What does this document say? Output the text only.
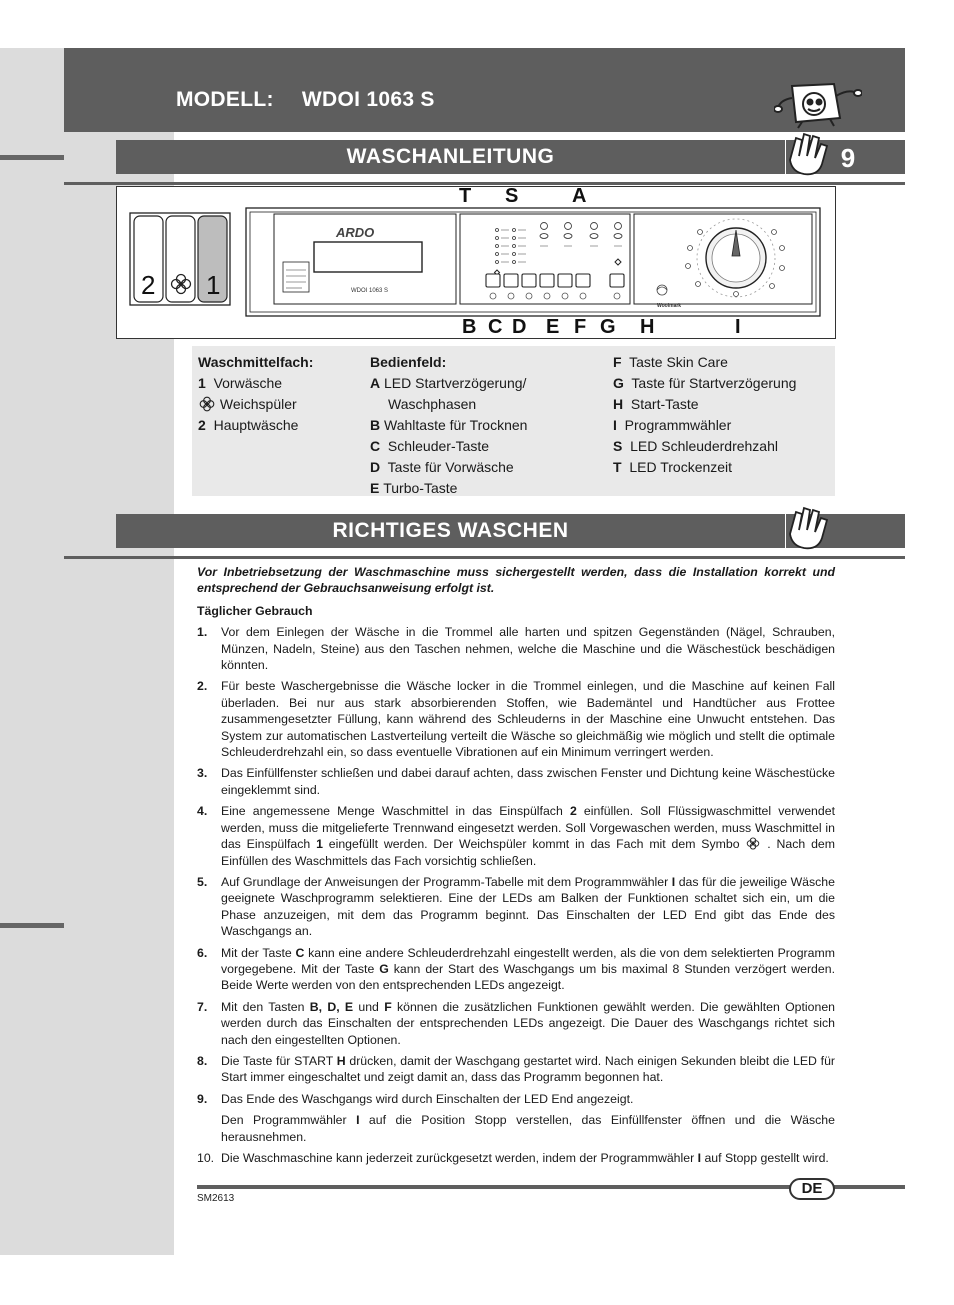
MODELL: WDOI 1063 S
WASCHANLEITUNG	9
ARDO
WDOI 1063 S
2 1
Woolmark
T S	A
B C D E F G H	I
Waschmittelfach:
1 Vorwäsche
Weichspüler
2 Hauptwäsche
Bedienfeld:
A LED Startverzögerung/
Waschphasen
B Wahltaste für Trocknen
C Schleuder-Taste
D Taste für Vorwäsche
E Turbo-Taste
F Taste Skin Care
G Taste für Startverzögerung
H Start-Taste
I Programmwähler
S LED Schleuderdrehzahl
T LED Trockenzeit
RICHTIGES WASCHEN
Vor Inbetriebsetzung der Waschmaschine muss sichergestellt werden, dass die Installation korrekt und entsprechend der Gebrauchsanweisung erfolgt ist.
Täglicher Gebrauch
1.	Vor dem Einlegen der Wäsche in die Trommel alle harten und spitzen Gegenständen (Nägel, Schrauben, Münzen, Nadeln, Steine) aus den Taschen nehmen, welche die Maschine und die Wäschestück beschädigen könnten.
2.	Für beste Waschergebnisse die Wäsche locker in die Trommel einlegen, und die Maschine auf keinen Fall überladen. Bei nur aus stark absorbierenden Stoffen, wie Bademäntel und Handtücher aus Frottee zusammengesetzter Füllung, kann während des Schleuderns in der Maschine eine Unwucht entstehen. Das System zur automatischen Lastverteilung verteilt die Wäsche so gleichmäßig wie möglich und stellt die optimale Schleuderdrehzahl ein, so dass eventuelle Vibrationen auf ein Minimum verringert werden.
3.	Das Einfüllfenster schließen und dabei darauf achten, dass zwischen Fenster und Dichtung keine Wäschestücke eingeklemmt sind.
4.	Eine angemessene Menge Waschmittel in das Einspülfach 2 einfüllen. Soll Flüssigwaschmittel verwendet werden, muss die mitgelieferte Trennwand eingesetzt werden. Soll Vorgewaschen werden, muss Waschmittel in das Einspülfach 1 eingefüllt werden. Der Weichspüler kommt in das Fach mit dem Symbo . Nach dem Einfüllen des Waschmittels das Fach vorsichtig schließen.
5.	Auf Grundlage der Anweisungen der Programm-Tabelle mit dem Programmwähler I das für die jeweilige Wäsche geeignete Waschprogramm selektieren. Eine der LEDs am Balken der Funktionen schaltet sich ein, um die Phase anzuzeigen, mit dem das Programm beginnt. Das Einschalten der LED End gibt das Ende des Waschgangs an.
6.	Mit der Taste C kann eine andere Schleuderdrehzahl eingestellt werden, als die von dem selektierten Programm vorgegebene. Mit der Taste G kann der Start des Waschgangs um bis maximal 8 Stunden verzögert werden. Beide Werte werden von den entsprechenden LEDs angezeigt.
7.	Mit den Tasten B, D, E und F können die zusätzlichen Funktionen gewählt werden. Die gewählten Optionen werden durch das Einschalten der entsprechenden LEDs angezeigt. Die Dauer des Waschgangs richtet sich nach den eingestellten Optionen.
8.	Die Taste für START H drücken, damit der Waschgang gestartet wird. Nach einigen Sekunden bleibt die LED für Start immer eingeschaltet und zeigt damit an, dass das Programm begonnen hat.
9.	Das Ende des Waschgangs wird durch Einschalten der LED End angezeigt.
Den Programmwähler I auf die Position Stopp verstellen, das Einfüllfenster öffnen und die Wäsche herausnehmen.
10. Die Waschmaschine kann jederzeit zurückgesetzt werden, indem der Programmwähler I auf Stopp gestellt wird.
DE
SM2613
